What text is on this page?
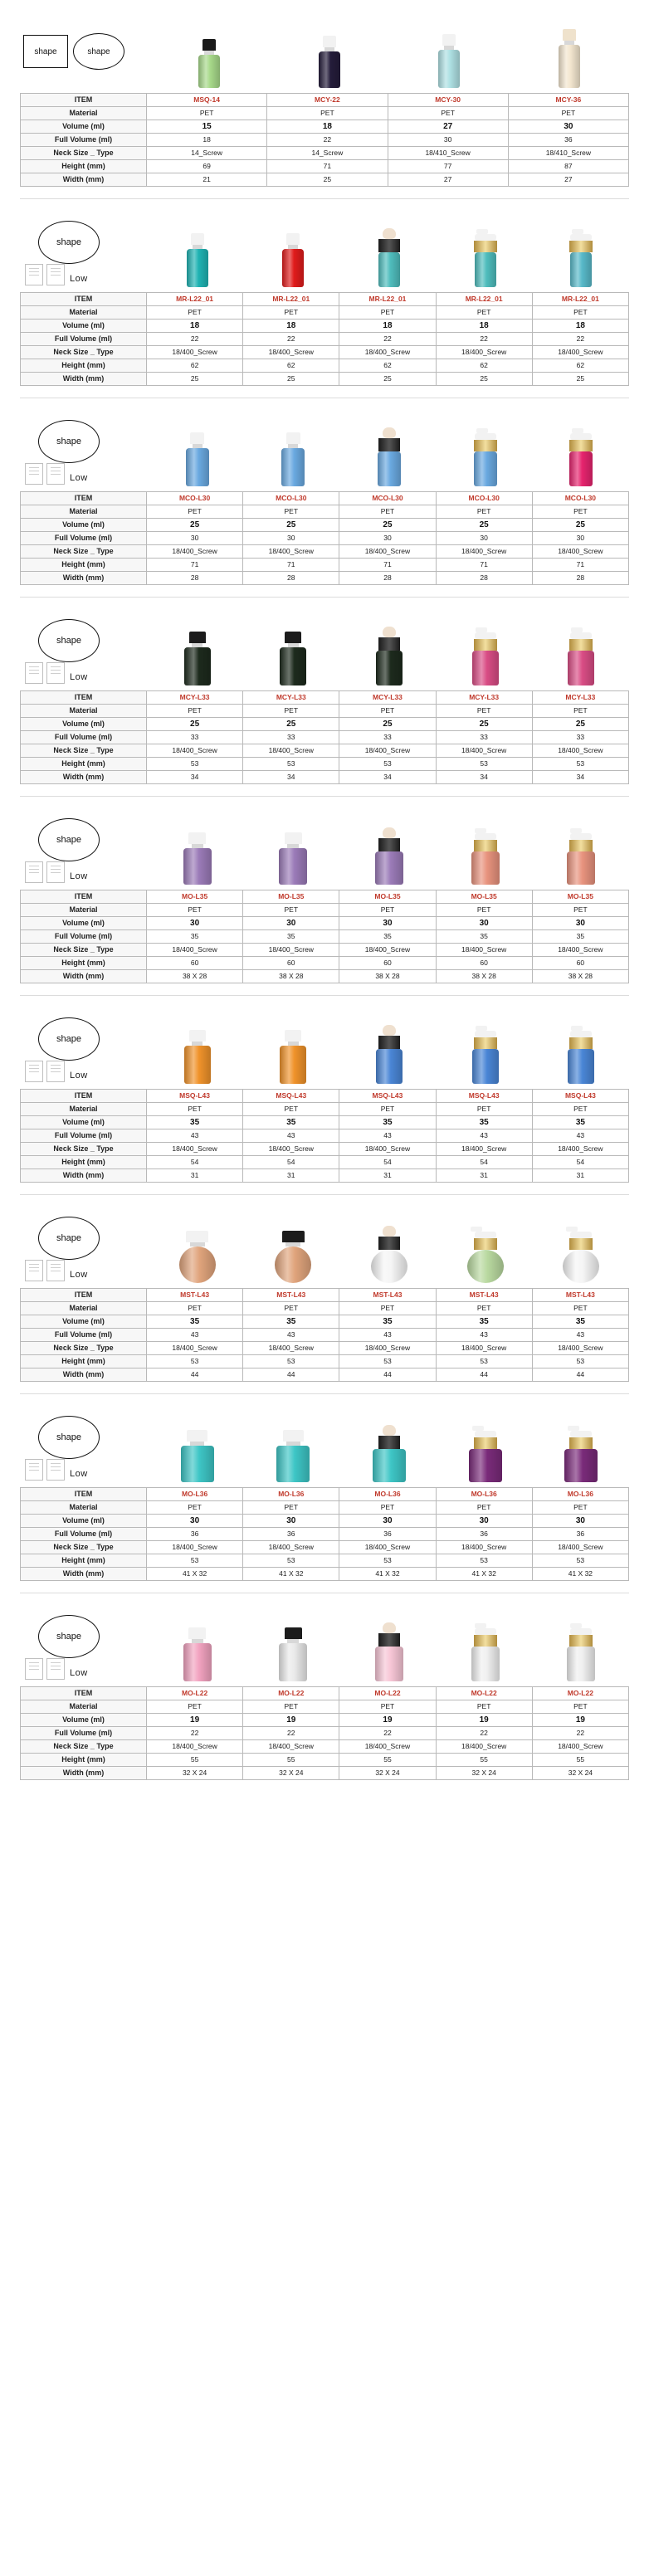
shape	shape
ITEM	MSQ-14	MCY-22	MCY-30	MCY-36
Material	PET	PET	PET	PET
Volume (ml)	15	18	27	30
Full Volume (ml)	18	22	30	36
Neck Size _ Type	14_Screw	14_Screw	18/410_Screw	18/410_Screw
Height (mm)	69	71	77	87
Width (mm)	21	25	27	27
shape
Low
ITEM	MR-L22_01	MR-L22_01	MR-L22_01	MR-L22_01	MR-L22_01
Material	PET	PET	PET	PET	PET
Volume (ml)	18	18	18	18	18
Full Volume (ml)	22	22	22	22	22
Neck Size _ Type	18/400_Screw	18/400_Screw	18/400_Screw	18/400_Screw	18/400_Screw
Height (mm)	62	62	62	62	62
Width (mm)	25	25	25	25	25
shape
Low
ITEM	MCO-L30	MCO-L30	MCO-L30	MCO-L30	MCO-L30
Material	PET	PET	PET	PET	PET
Volume (ml)	25	25	25	25	25
Full Volume (ml)	30	30	30	30	30
Neck Size _ Type	18/400_Screw	18/400_Screw	18/400_Screw	18/400_Screw	18/400_Screw
Height (mm)	71	71	71	71	71
Width (mm)	28	28	28	28	28
shape
Low
ITEM	MCY-L33	MCY-L33	MCY-L33	MCY-L33	MCY-L33
Material	PET	PET	PET	PET	PET
Volume (ml)	25	25	25	25	25
Full Volume (ml)	33	33	33	33	33
Neck Size _ Type	18/400_Screw	18/400_Screw	18/400_Screw	18/400_Screw	18/400_Screw
Height (mm)	53	53	53	53	53
Width (mm)	34	34	34	34	34
shape
Low
ITEM	MO-L35	MO-L35	MO-L35	MO-L35	MO-L35
Material	PET	PET	PET	PET	PET
Volume (ml)	30	30	30	30	30
Full Volume (ml)	35	35	35	35	35
Neck Size _ Type	18/400_Screw	18/400_Screw	18/400_Screw	18/400_Screw	18/400_Screw
Height (mm)	60	60	60	60	60
Width (mm)	38 X 28	38 X 28	38 X 28	38 X 28	38 X 28
shape
Low
ITEM	MSQ-L43	MSQ-L43	MSQ-L43	MSQ-L43	MSQ-L43
Material	PET	PET	PET	PET	PET
Volume (ml)	35	35	35	35	35
Full Volume (ml)	43	43	43	43	43
Neck Size _ Type	18/400_Screw	18/400_Screw	18/400_Screw	18/400_Screw	18/400_Screw
Height (mm)	54	54	54	54	54
Width (mm)	31	31	31	31	31
shape
Low
ITEM	MST-L43	MST-L43	MST-L43	MST-L43	MST-L43
Material	PET	PET	PET	PET	PET
Volume (ml)	35	35	35	35	35
Full Volume (ml)	43	43	43	43	43
Neck Size _ Type	18/400_Screw	18/400_Screw	18/400_Screw	18/400_Screw	18/400_Screw
Height (mm)	53	53	53	53	53
Width (mm)	44	44	44	44	44
shape
Low
ITEM	MO-L36	MO-L36	MO-L36	MO-L36	MO-L36
Material	PET	PET	PET	PET	PET
Volume (ml)	30	30	30	30	30
Full Volume (ml)	36	36	36	36	36
Neck Size _ Type	18/400_Screw	18/400_Screw	18/400_Screw	18/400_Screw	18/400_Screw
Height (mm)	53	53	53	53	53
Width (mm)	41 X 32	41 X 32	41 X 32	41 X 32	41 X 32
shape
Low
ITEM	MO-L22	MO-L22	MO-L22	MO-L22	MO-L22
Material	PET	PET	PET	PET	PET
Volume (ml)	19	19	19	19	19
Full Volume (ml)	22	22	22	22	22
Neck Size _ Type	18/400_Screw	18/400_Screw	18/400_Screw	18/400_Screw	18/400_Screw
Height (mm)	55	55	55	55	55
Width (mm)	32 X 24	32 X 24	32 X 24	32 X 24	32 X 24
